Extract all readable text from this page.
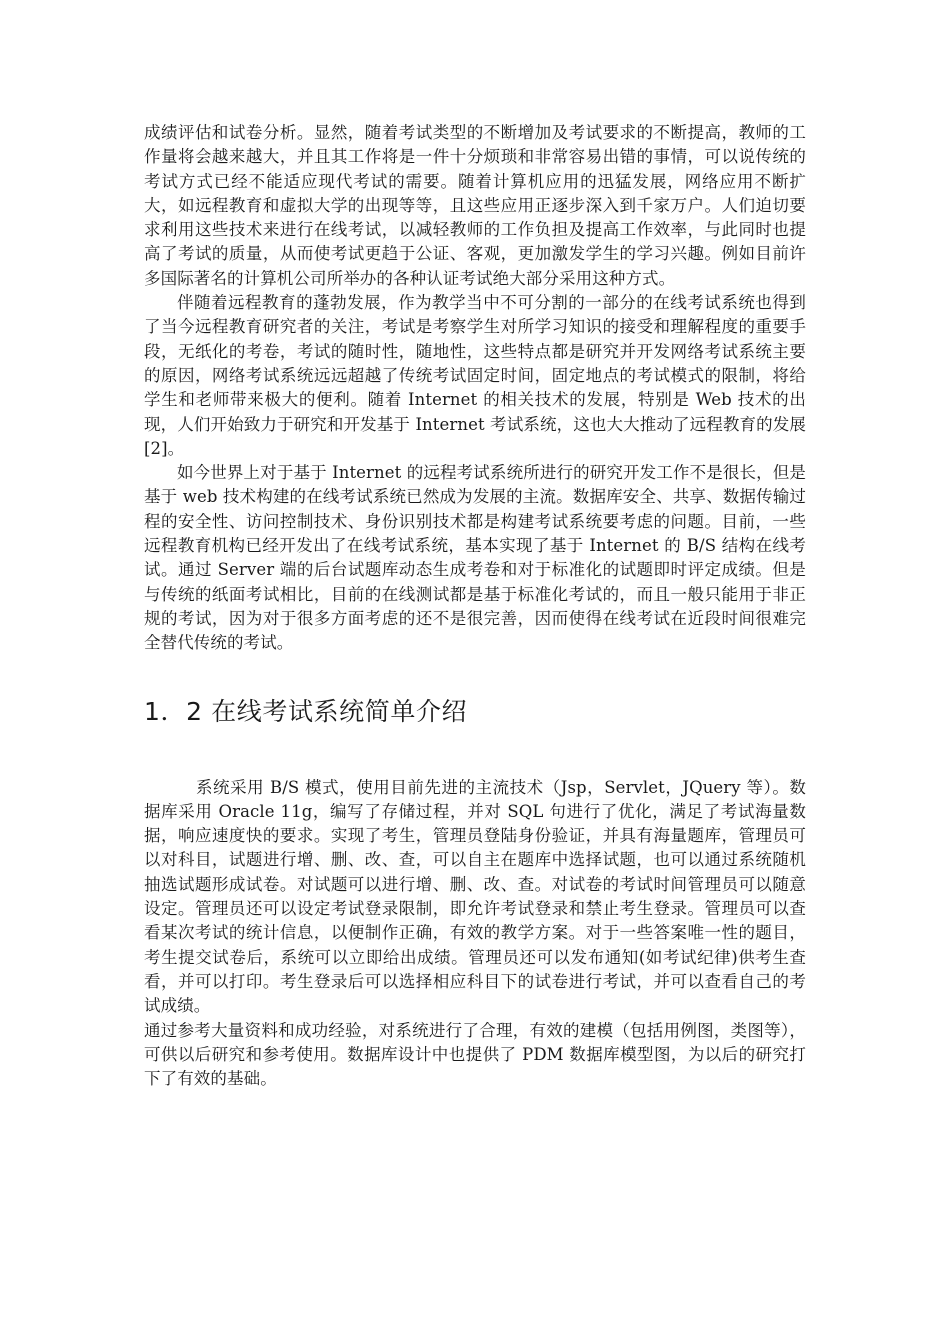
成绩评估和试卷分析。显然，随着考试类型的不断增加及考试要求的不断提高，教师的工作量将会越来越大，并且其工作将是一件十分烦琐和非常容易出错的事情，可以说传统的考试方式已经不能适应现代考试的需要。随着计算机应用的迅猛发展，网络应用不断扩大，如远程教育和虚拟大学的出现等等，且这些应用正逐步深入到千家万户。人们迫切要求利用这些技术来进行在线考试，以减轻教师的工作负担及提高工作效率，与此同时也提高了考试的质量，从而使考试更趋于公证、客观，更加激发学生的学习兴趣。例如目前许多国际著名的计算机公司所举办的各种认证考试绝大部分采用这种方式。

伴随着远程教育的蓬勃发展，作为教学当中不可分割的一部分的在线考试系统也得到了当今远程教育研究者的关注，考试是考察学生对所学习知识的接受和理解程度的重要手段，无纸化的考卷，考试的随时性，随地性，这些特点都是研究并开发网络考试系统主要的原因，网络考试系统远远超越了传统考试固定时间，固定地点的考试模式的限制，将给学生和老师带来极大的便利。随着 Internet 的相关技术的发展，特别是 Web 技术的出现，人们开始致力于研究和开发基于 Internet 考试系统，这也大大推动了远程教育的发展[2]。

如今世界上对于基于 Internet 的远程考试系统所进行的研究开发工作不是很长，但是基于 web 技术构建的在线考试系统已然成为发展的主流。数据库安全、共享、数据传输过程的安全性、访问控制技术、身份识别技术都是构建考试系统要考虑的问题。目前，一些远程教育机构已经开发出了在线考试系统，基本实现了基于 Internet 的 B/S 结构在线考试。通过 Server 端的后台试题库动态生成考卷和对于标准化的试题即时评定成绩。但是与传统的纸面考试相比，目前的在线测试都是基于标准化考试的，而且一般只能用于非正规的考试，因为对于很多方面考虑的还不是很完善，因而使得在线考试在近段时间很难完全替代传统的考试。

1．2 在线考试系统简单介绍

系统采用 B/S 模式，使用目前先进的主流技术（Jsp，Servlet，JQuery 等）。数据库采用 Oracle 11g，编写了存储过程，并对 SQL 句进行了优化，满足了考试海量数据，响应速度快的要求。实现了考生，管理员登陆身份验证，并具有海量题库，管理员可以对科目，试题进行增、删、改、查，可以自主在题库中选择试题，也可以通过系统随机抽选试题形成试卷。对试题可以进行增、删、改、查。对试卷的考试时间管理员可以随意设定。管理员还可以设定考试登录限制，即允许考试登录和禁止考生登录。管理员可以查看某次考试的统计信息，以便制作正确，有效的教学方案。对于一些答案唯一性的题目，考生提交试卷后，系统可以立即给出成绩。管理员还可以发布通知(如考试纪律)供考生查看，并可以打印。考生登录后可以选择相应科目下的试卷进行考试，并可以查看自己的考试成绩。

通过参考大量资料和成功经验，对系统进行了合理，有效的建模（包括用例图，类图等），可供以后研究和参考使用。数据库设计中也提供了 PDM 数据库模型图，为以后的研究打下了有效的基础。
